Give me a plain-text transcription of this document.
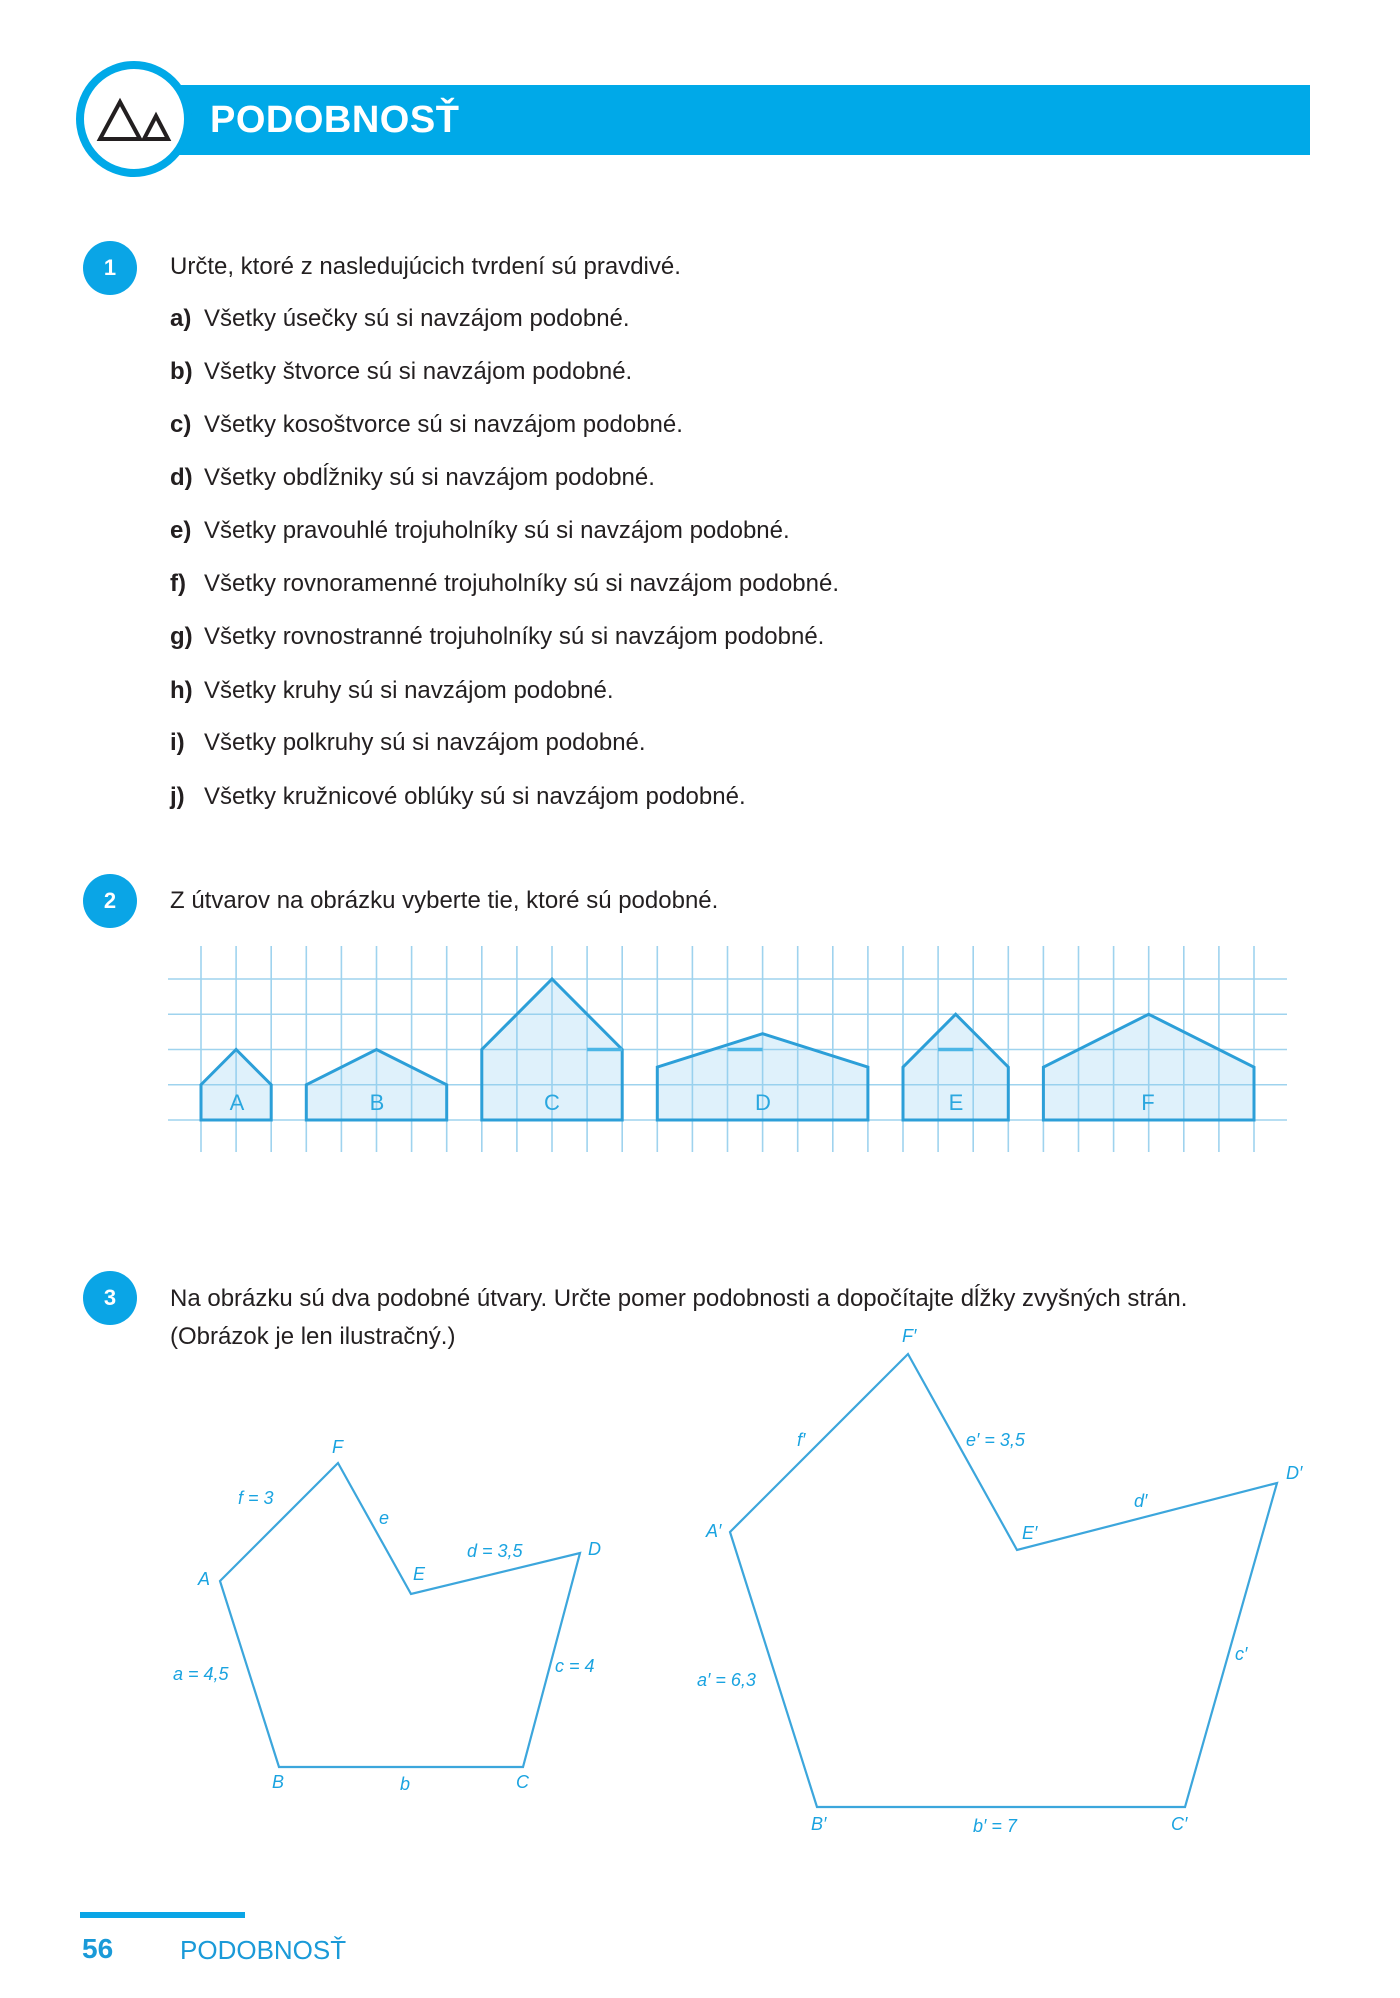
PODOBNOSŤ
1	Určte, ktoré z nasledujúcich tvrdení sú pravdivé.
a) Všetky úsečky sú si navzájom podobné.
b) Všetky štvorce sú si navzájom podobné.
c) Všetky kosoštvorce sú si navzájom podobné.
d) Všetky obdĺžniky sú si navzájom podobné.
e) Všetky pravouhlé trojuholníky sú si navzájom podobné.
f) Všetky rovnoramenné trojuholníky sú si navzájom podobné.
g) Všetky rovnostranné trojuholníky sú si navzájom podobné.
h) Všetky kruhy sú si navzájom podobné.
i) Všetky polkruhy sú si navzájom podobné.
j) Všetky kružnicové oblúky sú si navzájom podobné.
2	Z útvarov na obrázku vyberte tie, ktoré sú podobné.
A	B	C	D	E	F
3	Na obrázku sú dva podobné útvary. Určte pomer podobnosti a dopočítajte dĺžky zvyšných strán.
(Obrázok je len ilustračný.)
A
B	C
D
E
F
a = 4,5
b
c = 4
d = 3,5
e
f = 3
A′
B′	C′
D′
E′
F′
a′ = 6,3
b′ = 7
c′
d′
e′ = 3,5
f′
56	PODOBNOSŤ
